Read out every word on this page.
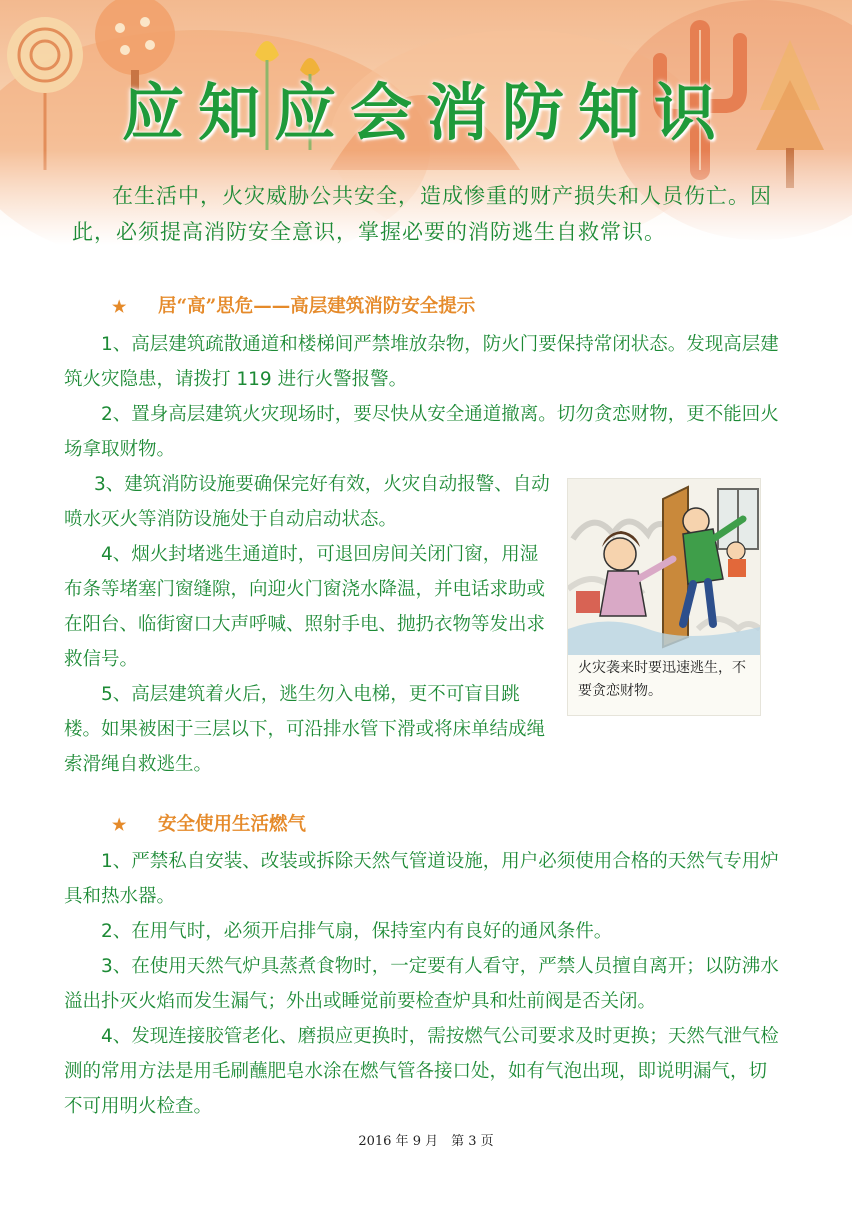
应知应会消防知识
在生活中，火灾威胁公共安全，造成惨重的财产损失和人员伤亡。因此，必须提高消防安全意识，掌握必要的消防逃生自救常识。
★ 居“高”思危——高层建筑消防安全提示
1、高层建筑疏散通道和楼梯间严禁堆放杂物，防火门要保持常闭状态。发现高层建筑火灾隐患，请拨打 119 进行火警报警。
2、置身高层建筑火灾现场时，要尽快从安全通道撤离。切勿贪恋财物，更不能回火场拿取财物。
3、建筑消防设施要确保完好有效，火灾自动报警、自动喷水灭火等消防设施处于自动启动状态。
4、烟火封堵逃生通道时，可退回房间关闭门窗，用湿布条等堵塞门窗缝隙，向迎火门窗浇水降温，并电话求助或在阳台、临街窗口大声呼喊、照射手电、抛扔衣物等发出求救信号。
5、高层建筑着火后，逃生勿入电梯，更不可盲目跳楼。如果被困于三层以下，可沿排水管下滑或将床单结成绳索滑绳自救逃生。
火灾袭来时要迅速逃生，不要贪恋财物。
★ 安全使用生活燃气
1、严禁私自安装、改装或拆除天然气管道设施，用户必须使用合格的天然气专用炉具和热水器。
2、在用气时，必须开启排气扇，保持室内有良好的通风条件。
3、在使用天然气炉具蒸煮食物时，一定要有人看守，严禁人员擅自离开；以防沸水溢出扑灭火焰而发生漏气；外出或睡觉前要检查炉具和灶前阀是否关闭。
4、发现连接胶管老化、磨损应更换时，需按燃气公司要求及时更换；天然气泄气检测的常用方法是用毛刷蘸肥皂水涂在燃气管各接口处，如有气泡出现，即说明漏气，切不可用明火检查。
2016 年 9 月　第 3 页
